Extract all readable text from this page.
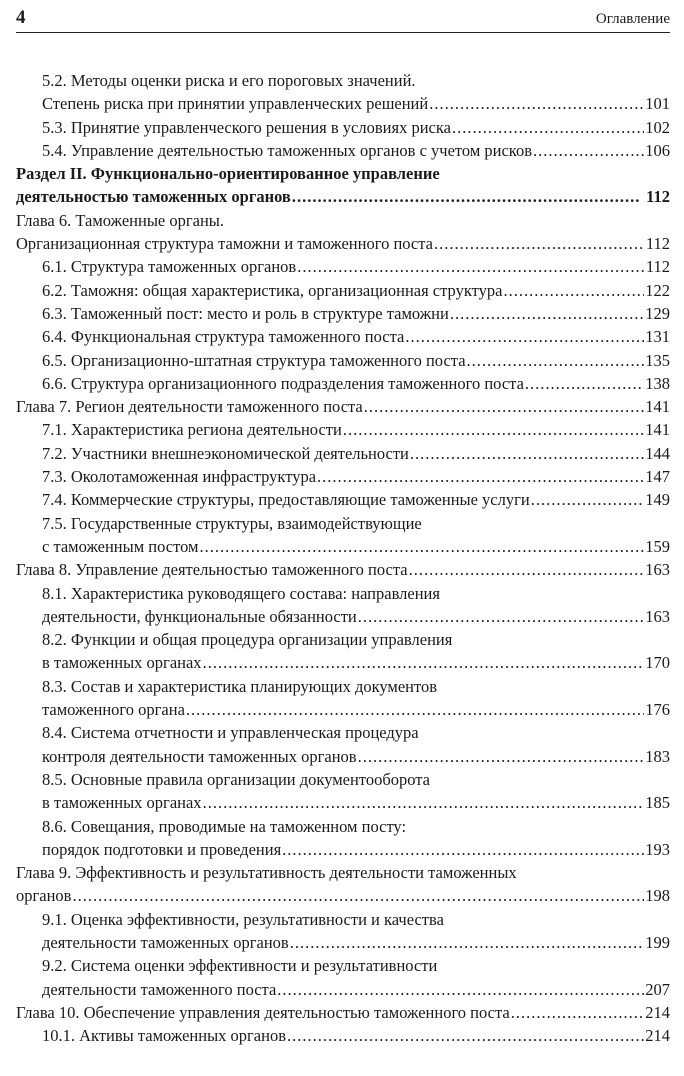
4	Оглавление
5.2. Методы оценки риска и его пороговых значений.
Степень риска при принятии управленческих решений .....	101
5.3. Принятие управленческого решения в условиях риска .....	102
5.4. Управление деятельностью таможенных органов с учетом рисков .....	106
Раздел II. Функционально-ориентированное управление
деятельностью таможенных органов .....	112
Глава 6. Таможенные органы.
Организационная структура таможни и таможенного поста .....	112
6.1. Структура таможенных органов .....	112
6.2. Таможня: общая характеристика, организационная структура .....	122
6.3. Таможенный пост: место и роль в структуре таможни .....	129
6.4. Функциональная структура таможенного поста .....	131
6.5. Организационно-штатная структура таможенного поста .....	135
6.6. Структура организационного подразделения таможенного поста .....	138
Глава 7. Регион деятельности таможенного поста .....	141
7.1. Характеристика региона деятельности .....	141
7.2. Участники внешнеэкономической деятельности .....	144
7.3. Околотаможенная инфраструктура .....	147
7.4. Коммерческие структуры, предоставляющие таможенные услуги .....	149
7.5. Государственные структуры, взаимодействующие
с таможенным постом .....	159
Глава 8. Управление деятельностью таможенного поста .....	163
8.1. Характеристика руководящего состава: направления
деятельности, функциональные обязанности .....	163
8.2. Функции и общая процедура организации управления
в таможенных органах .....	170
8.3. Состав и характеристика планирующих документов
таможенного органа .....	176
8.4. Система отчетности и управленческая процедура
контроля деятельности таможенных органов .....	183
8.5. Основные правила организации документооборота
в таможенных органах .....	185
8.6. Совещания, проводимые на таможенном посту:
порядок подготовки и проведения .....	193
Глава 9. Эффективность и результативность деятельности таможенных
органов .....	198
9.1. Оценка эффективности, результативности и качества
деятельности таможенных органов .....	199
9.2. Система оценки эффективности и результативности
деятельности таможенного поста .....	207
Глава 10. Обеспечение управления деятельностью таможенного поста .....	214
10.1. Активы таможенных органов .....	214
